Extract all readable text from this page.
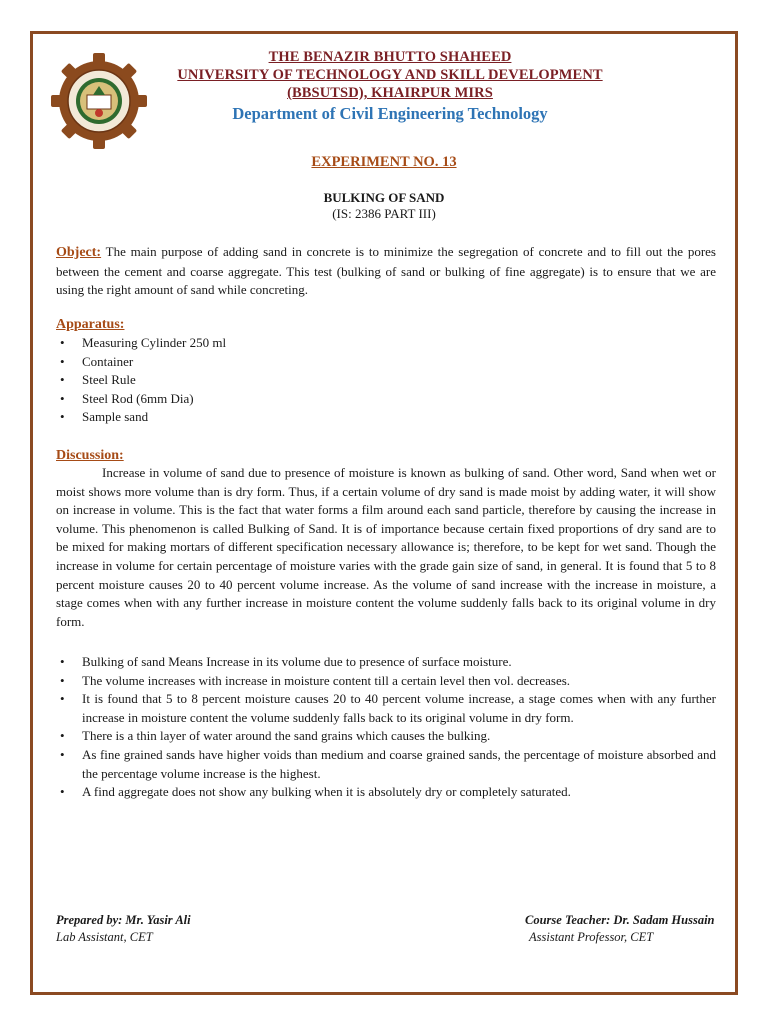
THE BENAZIR BHUTTO SHAHEED
UNIVERSITY OF TECHNOLOGY AND SKILL DEVELOPMENT
(BBSUTSD), KHAIRPUR MIRS
Department of Civil Engineering Technology
EXPERIMENT NO. 13
BULKING OF SAND
(IS: 2386 PART III)
Object: The main purpose of adding sand in concrete is to minimize the segregation of concrete and to fill out the pores between the cement and coarse aggregate. This test (bulking of sand or bulking of fine aggregate) is to ensure that we are using the right amount of sand while concreting.
Apparatus:
• Measuring Cylinder 250 ml
• Container
• Steel Rule
• Steel Rod (6mm Dia)
• Sample sand
Discussion:
Increase in volume of sand due to presence of moisture is known as bulking of sand. Other word, Sand when wet or moist shows more volume than is dry form. Thus, if a certain volume of dry sand is made moist by adding water, it will show on increase in volume. This is the fact that water forms a film around each sand particle, therefore by causing the increase in volume. This phenomenon is called Bulking of Sand. It is of importance because certain fixed proportions of dry sand are to be mixed for making mortars of different specification necessary allowance is; therefore, to be kept for wet sand. Though the increase in volume for certain percentage of moisture varies with the grade gain size of sand, in general. It is found that 5 to 8 percent moisture causes 20 to 40 percent volume increase. As the volume of sand increase with the increase in moisture, a stage comes when with any further increase in moisture content the volume suddenly falls back to its original volume in dry form.
• Bulking of sand Means Increase in its volume due to presence of surface moisture.
• The volume increases with increase in moisture content till a certain level then vol. decreases.
• It is found that 5 to 8 percent moisture causes 20 to 40 percent volume increase, a stage comes when with any further increase in moisture content the volume suddenly falls back to its original volume in dry form.
• There is a thin layer of water around the sand grains which causes the bulking.
• As fine grained sands have higher voids than medium and coarse grained sands, the percentage of moisture absorbed and the percentage volume increase is the highest.
• A find aggregate does not show any bulking when it is absolutely dry or completely saturated.
Prepared by: Mr. Yasir Ali
Lab Assistant, CET
Course Teacher: Dr. Sadam Hussain
Assistant Professor, CET
